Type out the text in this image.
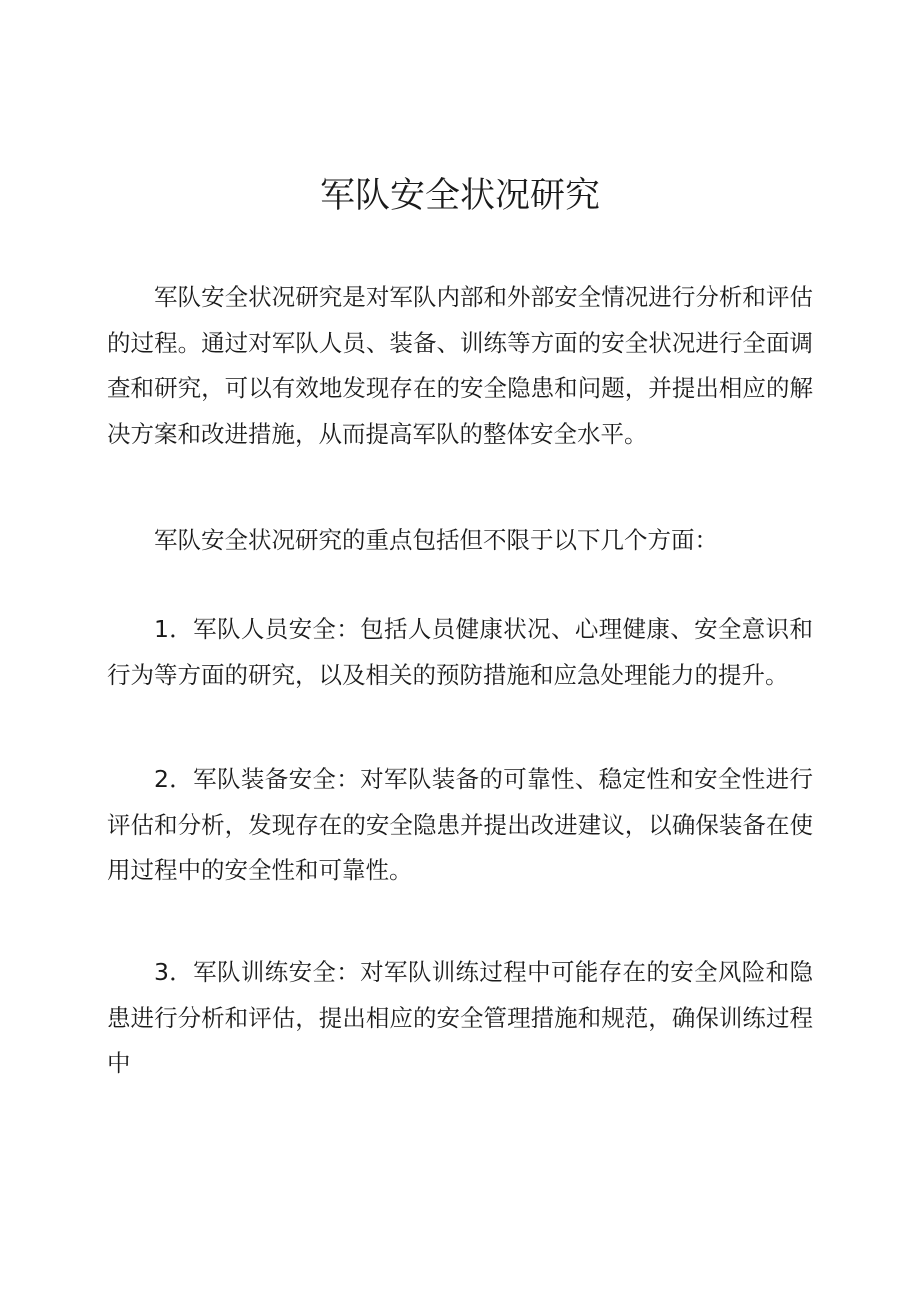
军队安全状况研究

军队安全状况研究是对军队内部和外部安全情况进行分析和评估的过程。通过对军队人员、装备、训练等方面的安全状况进行全面调查和研究，可以有效地发现存在的安全隐患和问题，并提出相应的解决方案和改进措施，从而提高军队的整体安全水平。

军队安全状况研究的重点包括但不限于以下几个方面：

1．军队人员安全：包括人员健康状况、心理健康、安全意识和行为等方面的研究，以及相关的预防措施和应急处理能力的提升。

2．军队装备安全：对军队装备的可靠性、稳定性和安全性进行评估和分析，发现存在的安全隐患并提出改进建议，以确保装备在使用过程中的安全性和可靠性。

3．军队训练安全：对军队训练过程中可能存在的安全风险和隐患进行分析和评估，提出相应的安全管理措施和规范，确保训练过程中
